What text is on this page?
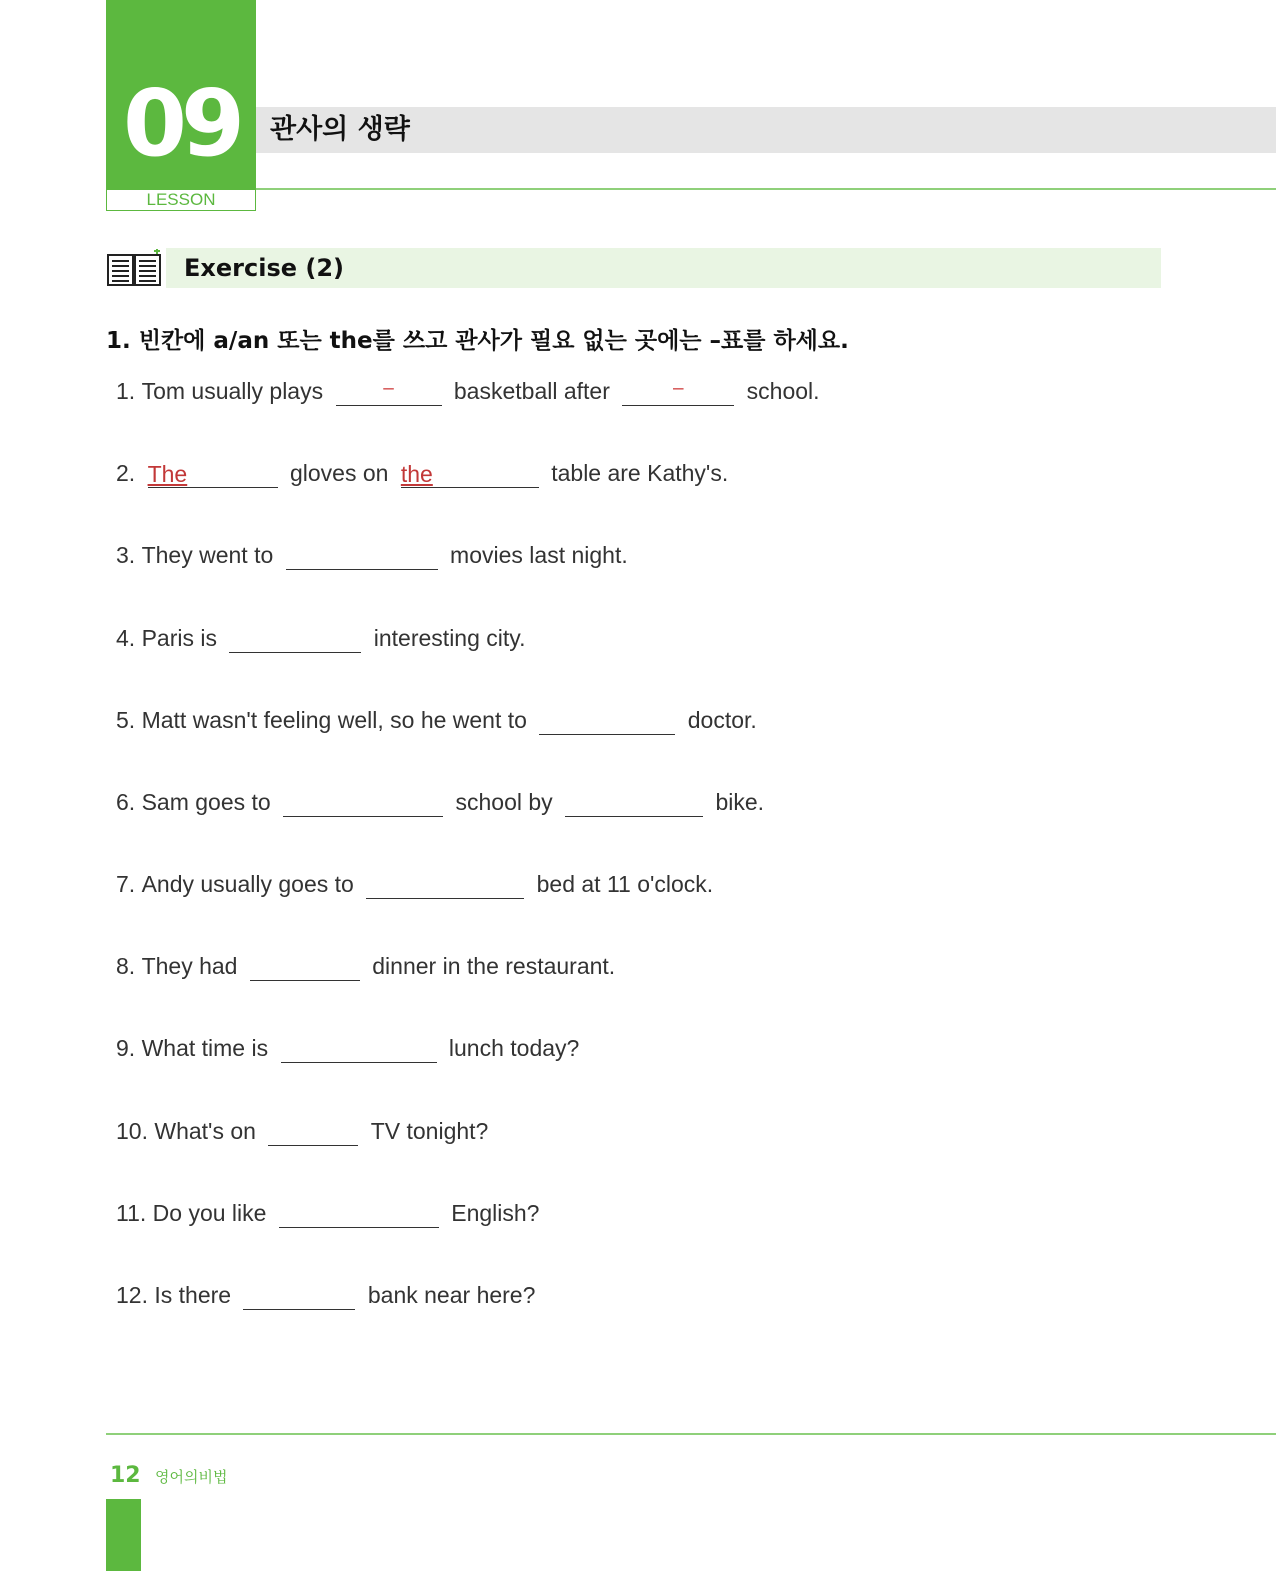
09
LESSON
관사의 생략
Exercise (2)
1. 빈칸에 a/an 또는 the를 쓰고 관사가 필요 없는 곳에는 –표를 하세요.
1. Tom usually plays	–	basketball after	–	school.
2. The	gloves on the	table are Kathy's.
3. They went to	movies last night.
4. Paris is	interesting city.
5. Matt wasn't feeling well, so he went to	doctor.
6. Sam goes to	school by	bike.
7. Andy usually goes to	bed at 11 o'clock.
8. They had	dinner in the restaurant.
9. What time is	lunch today?
10. What's on	TV tonight?
11. Do you like	English?
12. Is there	bank near here?
12 영어의비법
